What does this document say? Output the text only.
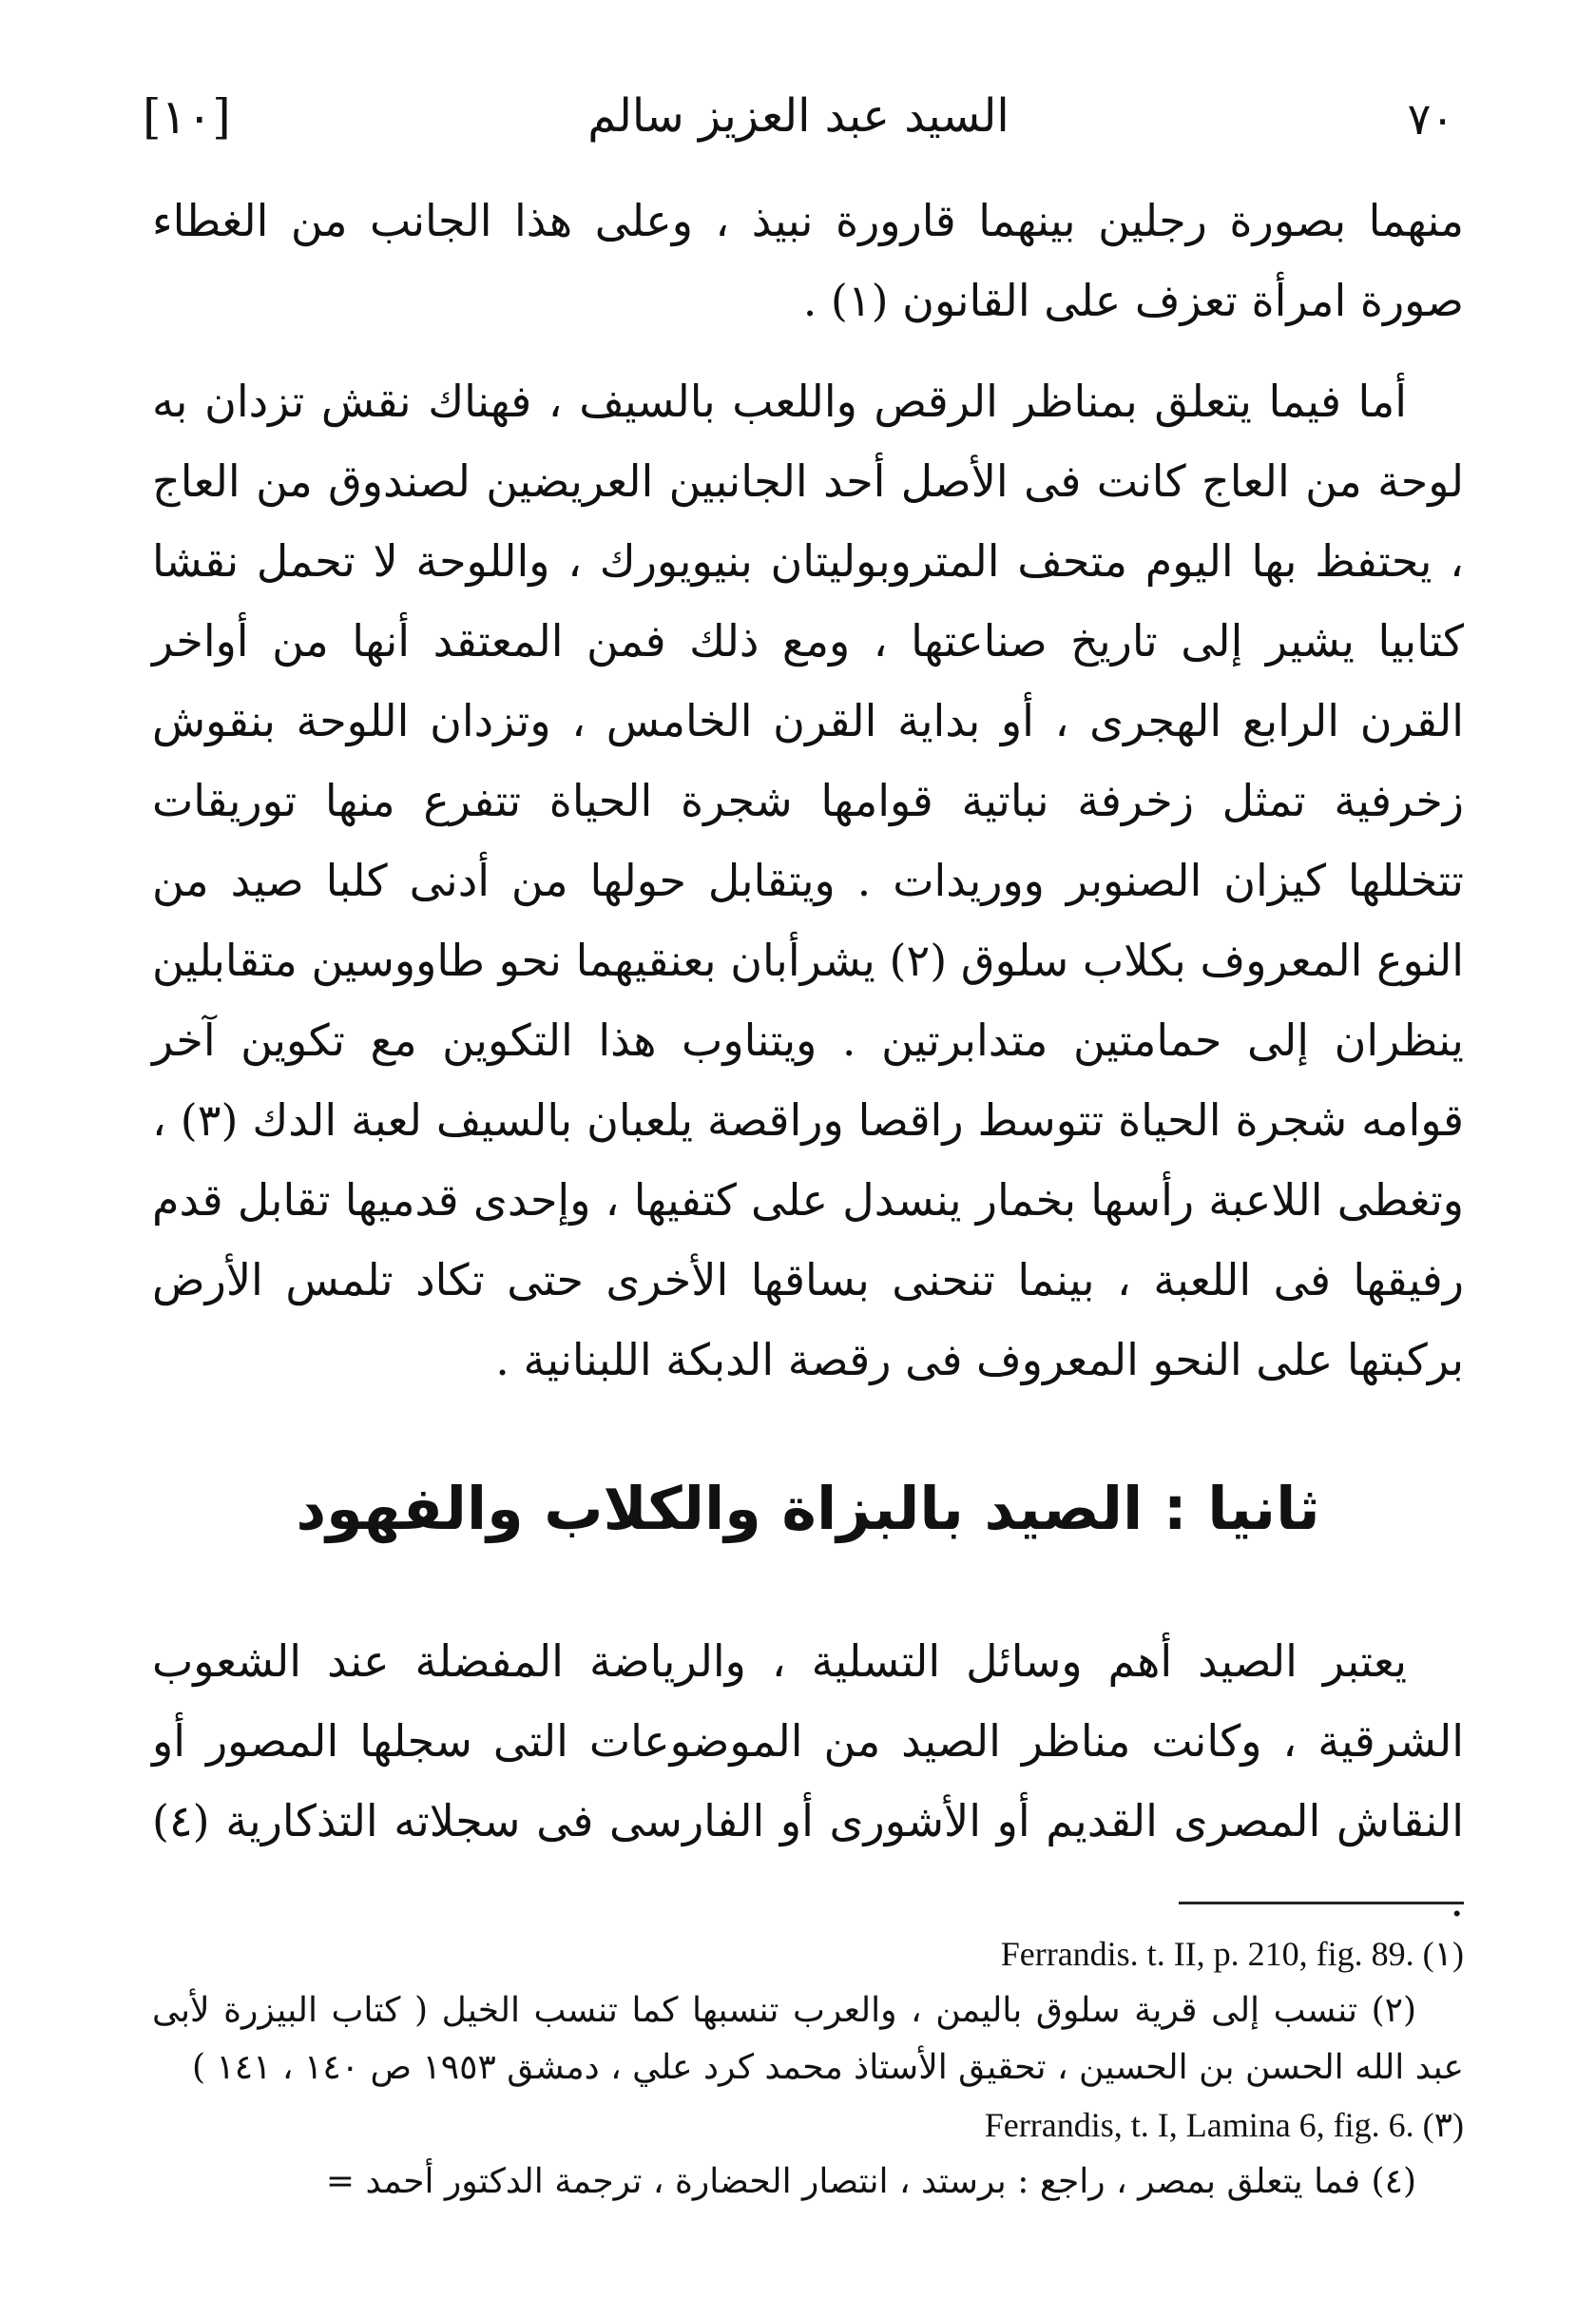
٧٠
السيد عبد العزيز سالم
[١٠]
منهما بصورة رجلين بينهما قارورة نبيذ ، وعلى هذا الجانب من الغطاء صورة امرأة تعزف على القانون (١) .
أما فيما يتعلق بمناظر الرقص واللعب بالسيف ، فهناك نقش تزدان به لوحة من العاج كانت فى الأصل أحد الجانبين العريضين لصندوق من العاج ، يحتفظ بها اليوم متحف المتروبوليتان بنيويورك ، واللوحة لا تحمل نقشا كتابيا يشير إلى تاريخ صناعتها ، ومع ذلك فمن المعتقد أنها من أواخر القرن الرابع الهجرى ، أو بداية القرن الخامس ، وتزدان اللوحة بنقوش زخرفية تمثل زخرفة نباتية قوامها شجرة الحياة تتفرع منها توريقات تتخللها كيزان الصنوبر ووريدات . ويتقابل حولها من أدنى كلبا صيد من النوع المعروف بكلاب سلوق (٢) يشرأبان بعنقيهما نحو طاووسين متقابلين ينظران إلى حمامتين متدابرتين . ويتناوب هذا التكوين مع تكوين آخر قوامه شجرة الحياة تتوسط راقصا وراقصة يلعبان بالسيف لعبة الدك (٣) ، وتغطى اللاعبة رأسها بخمار ينسدل على كتفيها ، وإحدى قدميها تقابل قدم رفيقها فى اللعبة ، بينما تنحنى بساقها الأخرى حتى تكاد تلمس الأرض بركبتها على النحو المعروف فى رقصة الدبكة اللبنانية .
ثانيا : الصيد بالبزاة والكلاب والفهود
يعتبر الصيد أهم وسائل التسلية ، والرياضة المفضلة عند الشعوب الشرقية ، وكانت مناظر الصيد من الموضوعات التى سجلها المصور أو النقاش المصرى القديم أو الأشورى أو الفارسى فى سجلاته التذكارية (٤) .
Ferrandis. t. II, p. 210, fig. 89. (١)
(٢) تنسب إلى قرية سلوق باليمن ، والعرب تنسبها كما تنسب الخيل ( كتاب البيزرة لأبى عبد الله الحسن بن الحسين ، تحقيق الأستاذ محمد كرد علي ، دمشق ١٩٥٣ ص ١٤٠ ، ١٤١ )
Ferrandis, t. I, Lamina 6, fig. 6. (٣)
(٤) فما يتعلق بمصر ، راجع : برستد ، انتصار الحضارة ، ترجمة الدكتور أحمد =
